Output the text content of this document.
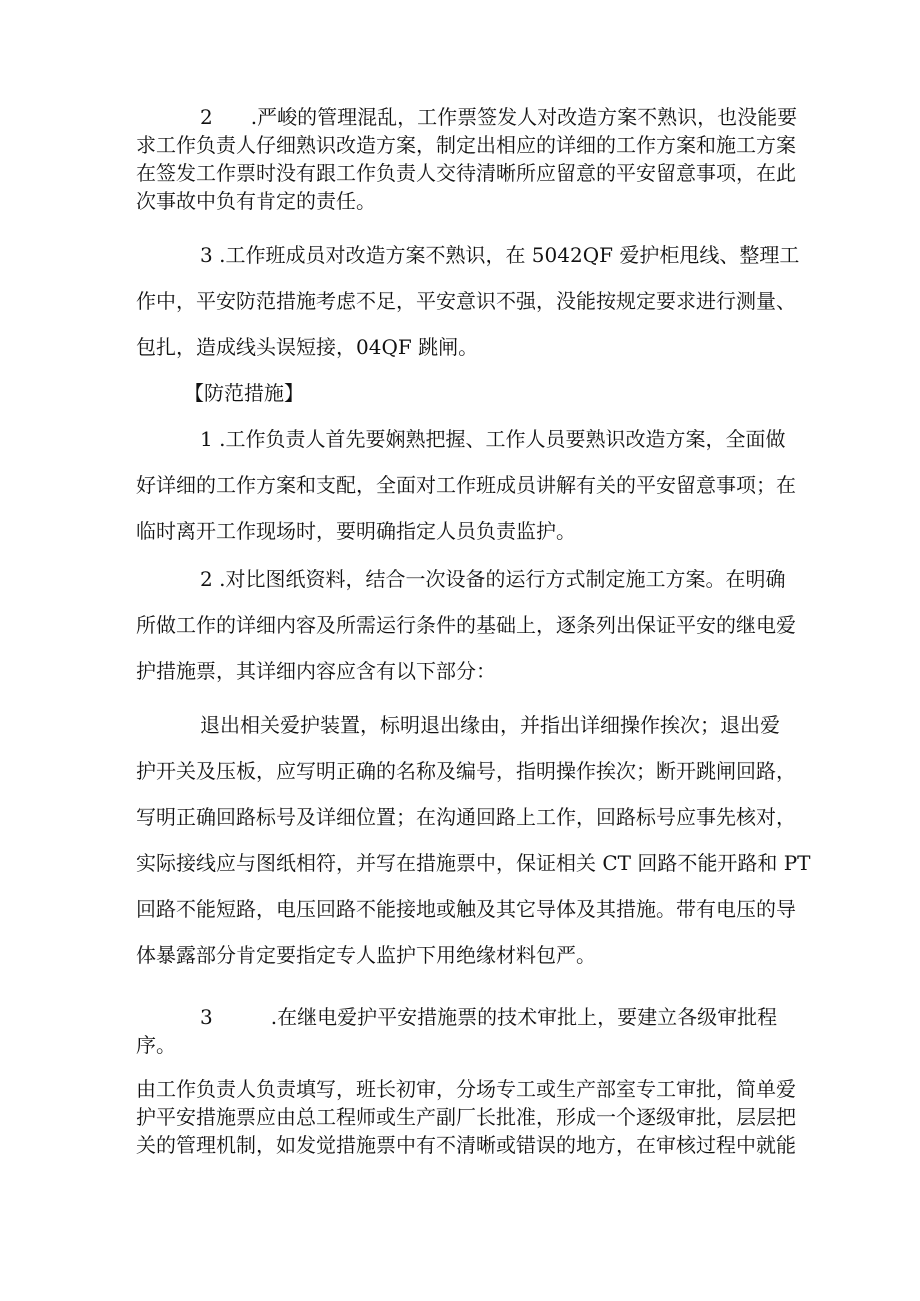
2 .严峻的管理混乱，工作票签发人对改造方案不熟识，也没能要
求工作负责人仔细熟识改造方案，制定出相应的详细的工作方案和施工方案
在签发工作票时没有跟工作负责人交待清晰所应留意的平安留意事项，在此
次事故中负有肯定的责任。
3 .工作班成员对改造方案不熟识，在 5042QF 爱护柜甩线、整理工
作中，平安防范措施考虑不足，平安意识不强，没能按规定要求进行测量、
包扎，造成线头误短接，04QF 跳闸。
【防范措施】
1 .工作负责人首先要娴熟把握、工作人员要熟识改造方案，全面做
好详细的工作方案和支配，全面对工作班成员讲解有关的平安留意事项；在
临时离开工作现场时，要明确指定人员负责监护。
2 .对比图纸资料，结合一次设备的运行方式制定施工方案。在明确
所做工作的详细内容及所需运行条件的基础上，逐条列出保证平安的继电爱
护措施票，其详细内容应含有以下部分：
退出相关爱护装置，标明退出缘由，并指出详细操作挨次；退出爱
护开关及压板，应写明正确的名称及编号，指明操作挨次；断开跳闸回路，
写明正确回路标号及详细位置；在沟通回路上工作，回路标号应事先核对，
实际接线应与图纸相符，并写在措施票中，保证相关 CT 回路不能开路和 PT
回路不能短路，电压回路不能接地或触及其它导体及其措施。带有电压的导
体暴露部分肯定要指定专人监护下用绝缘材料包严。
3	.在继电爱护平安措施票的技术审批上，要建立各级审批程
序。
由工作负责人负责填写，班长初审，分场专工或生产部室专工审批，简单爱
护平安措施票应由总工程师或生产副厂长批准，形成一个逐级审批，层层把
关的管理机制，如发觉措施票中有不清晰或错误的地方，在审核过程中就能
